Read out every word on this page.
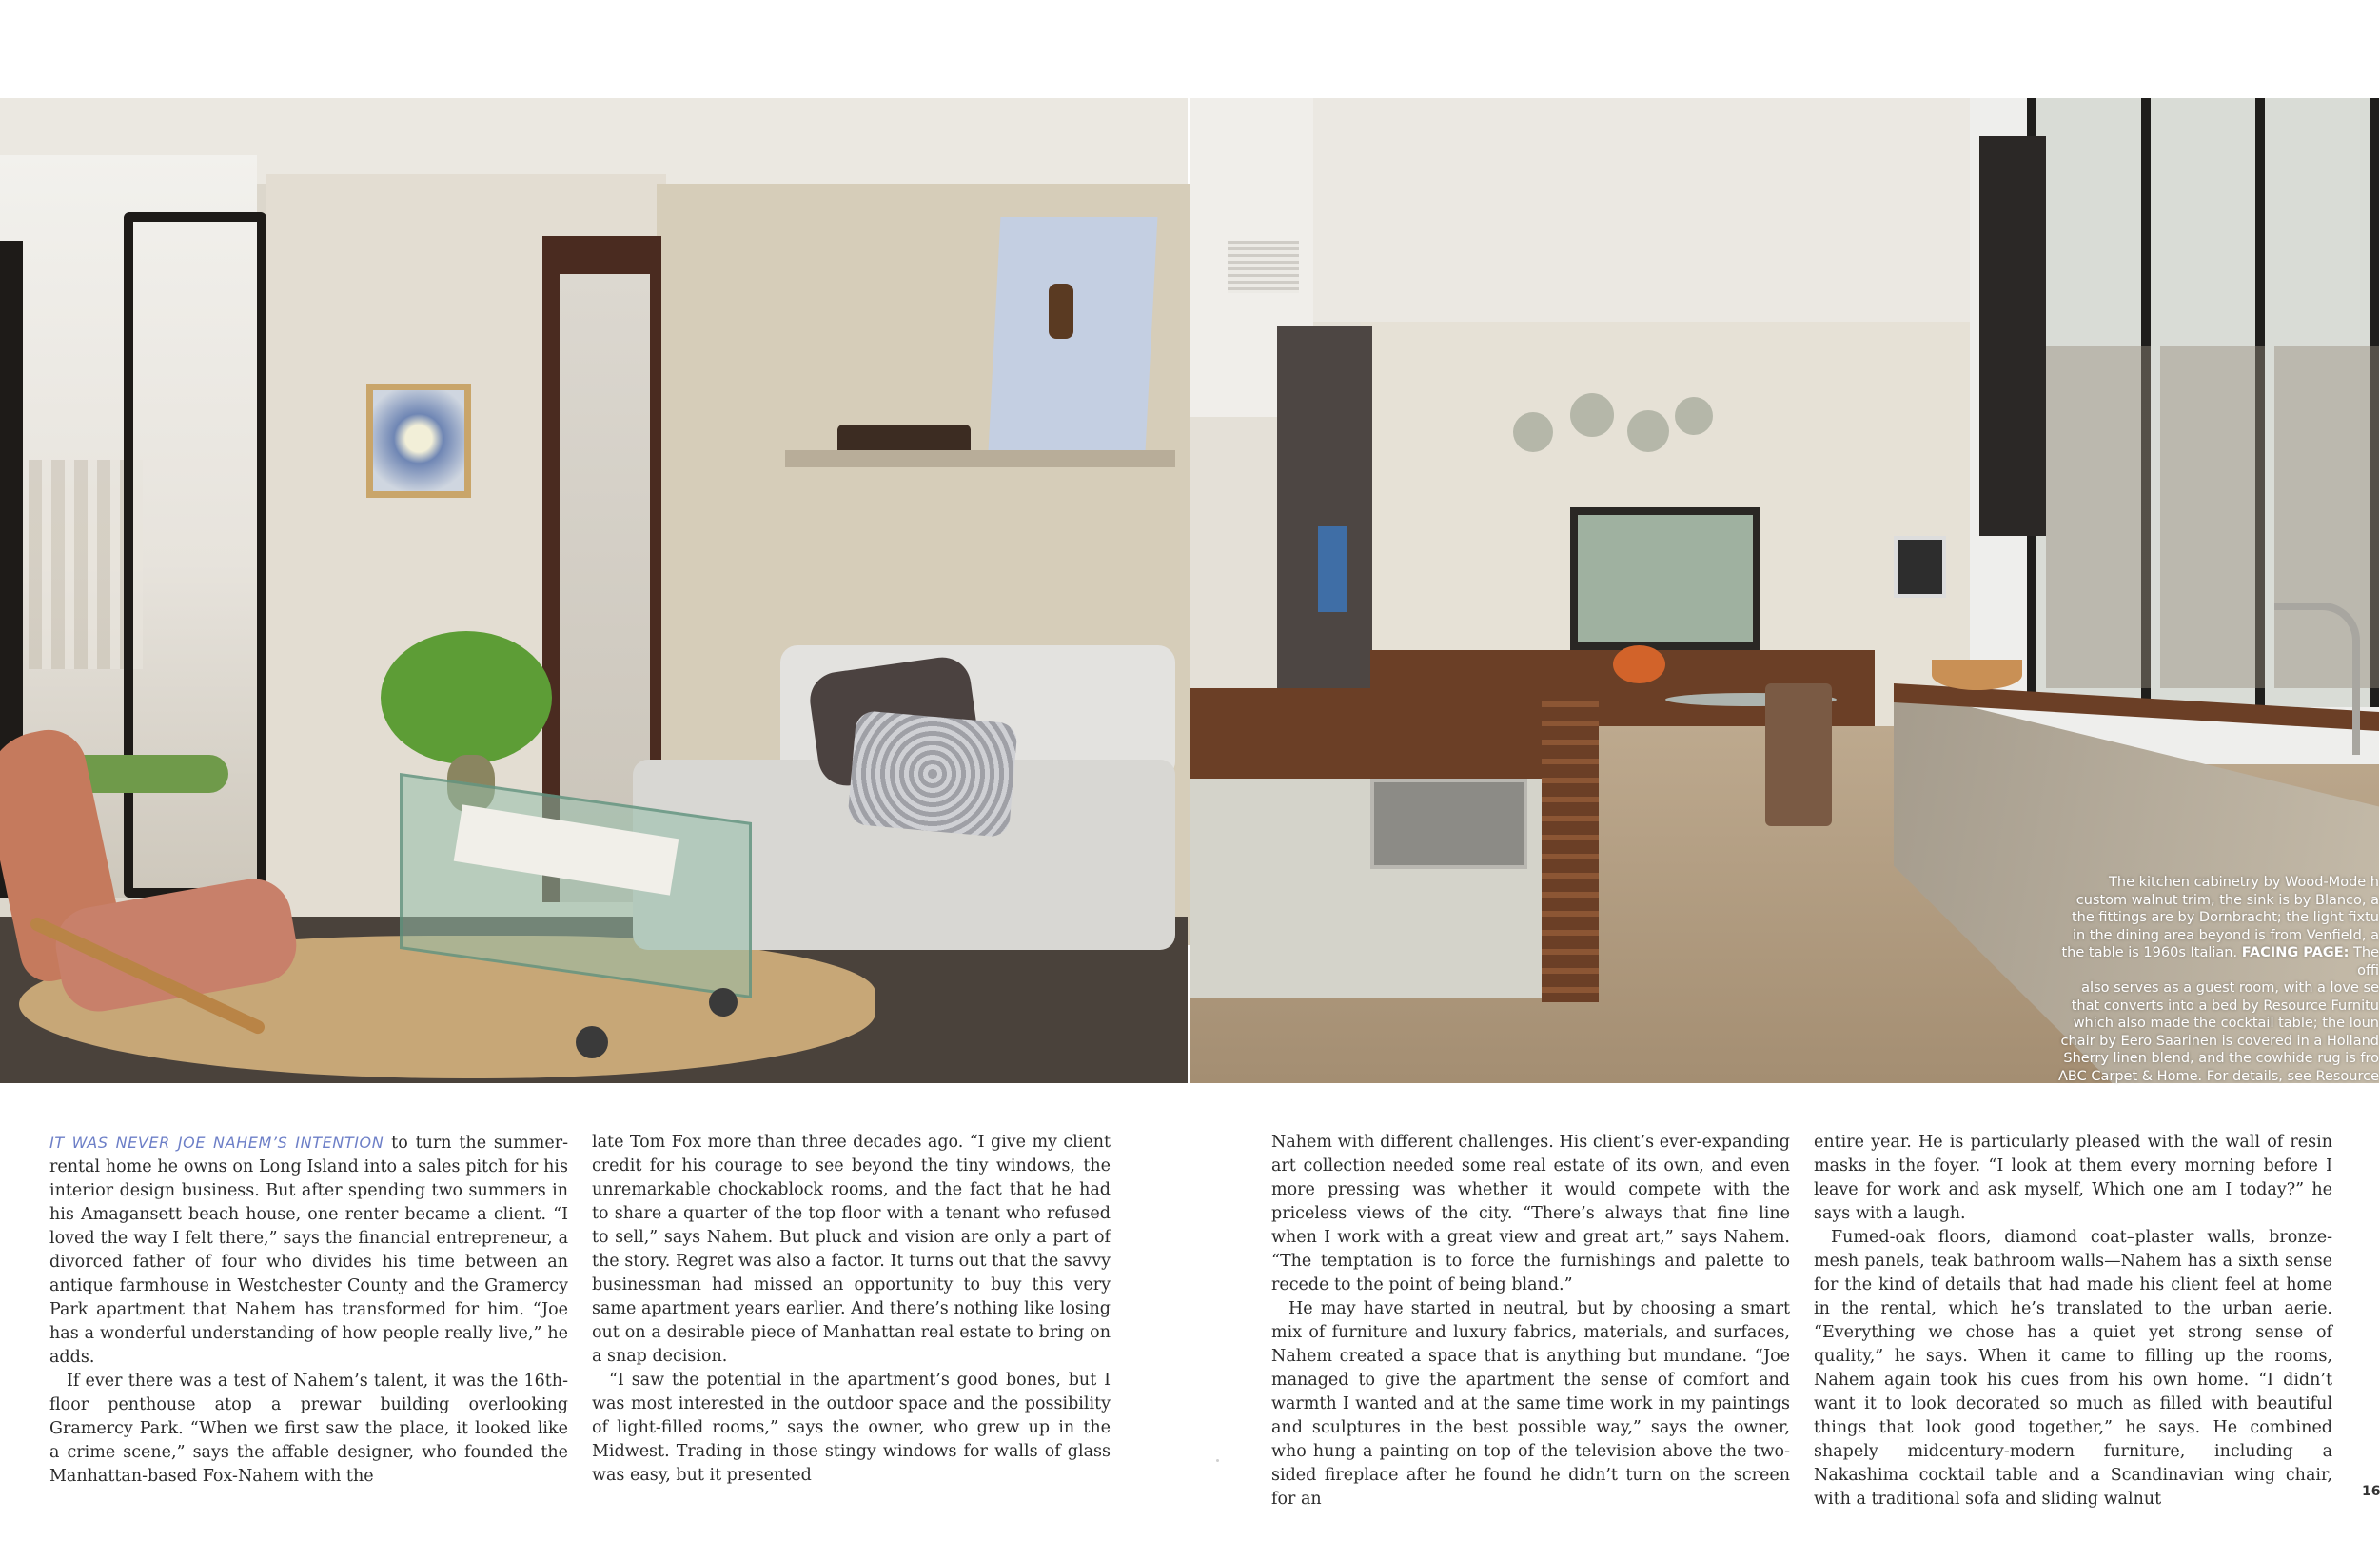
The kitchen cabinetry by Wood-Mode h
custom walnut trim, the sink is by Blanco, a
the fittings are by Dornbracht; the light fixtu
in the dining area beyond is from Venfield, a
the table is 1960s Italian. FACING PAGE: The offi
also serves as a guest room, with a love se
that converts into a bed by Resource Furnitu
which also made the cocktail table; the loun
chair by Eero Saarinen is covered in a Holland
Sherry linen blend, and the cowhide rug is fro
ABC Carpet & Home. For details, see Resource

IT WAS NEVER JOE NAHEM’S INTENTION to turn the summer-rental home he owns on Long Island into a sales pitch for his interior design business. But after spending two summers in his Amagansett beach house, one renter became a client. “I loved the way I felt there,” says the financial entrepreneur, a divorced father of four who divides his time between an antique farmhouse in Westchester County and the Gramercy Park apartment that Nahem has transformed for him. “Joe has a wonderful understanding of how people really live,” he adds.

If ever there was a test of Nahem’s talent, it was the 16th-floor penthouse atop a prewar building overlooking Gramercy Park. “When we first saw the place, it looked like a crime scene,” says the affable designer, who founded the Manhattan-based Fox-Nahem with the

late Tom Fox more than three decades ago. “I give my client credit for his courage to see beyond the tiny windows, the unremarkable chockablock rooms, and the fact that he had to share a quarter of the top floor with a tenant who refused to sell,” says Nahem. But pluck and vision are only a part of the story. Regret was also a factor. It turns out that the savvy businessman had missed an opportunity to buy this very same apartment years earlier. And there’s nothing like losing out on a desirable piece of Manhattan real estate to bring on a snap decision.

“I saw the potential in the apartment’s good bones, but I was most interested in the outdoor space and the possibility of light-filled rooms,” says the owner, who grew up in the Midwest. Trading in those stingy windows for walls of glass was easy, but it presented

Nahem with different challenges. His client’s ever-expanding art collection needed some real estate of its own, and even more pressing was whether it would compete with the priceless views of the city. “There’s always that fine line when I work with a great view and great art,” says Nahem. “The temptation is to force the furnishings and palette to recede to the point of being bland.”

He may have started in neutral, but by choosing a smart mix of furniture and luxury fabrics, materials, and surfaces, Nahem created a space that is anything but mundane. “Joe managed to give the apartment the sense of comfort and warmth I wanted and at the same time work in my paintings and sculptures in the best possible way,” says the owner, who hung a painting on top of the television above the two-sided fireplace after he found he didn’t turn on the screen for an

entire year. He is particularly pleased with the wall of resin masks in the foyer. “I look at them every morning before I leave for work and ask myself, Which one am I today?” he says with a laugh.

Fumed-oak floors, diamond coat–plaster walls, bronze-mesh panels, teak bathroom walls—Nahem has a sixth sense for the kind of details that had made his client feel at home in the rental, which he’s translated to the urban aerie. “Everything we chose has a quiet yet strong sense of quality,” he says. When it came to filling up the rooms, Nahem again took his cues from his own home. “I didn’t want it to look decorated so much as filled with beautiful things that look good together,” he says. He combined shapely midcentury-modern furniture, including a Nakashima cocktail table and a Scandinavian wing chair, with a traditional sofa and sliding walnut	16
